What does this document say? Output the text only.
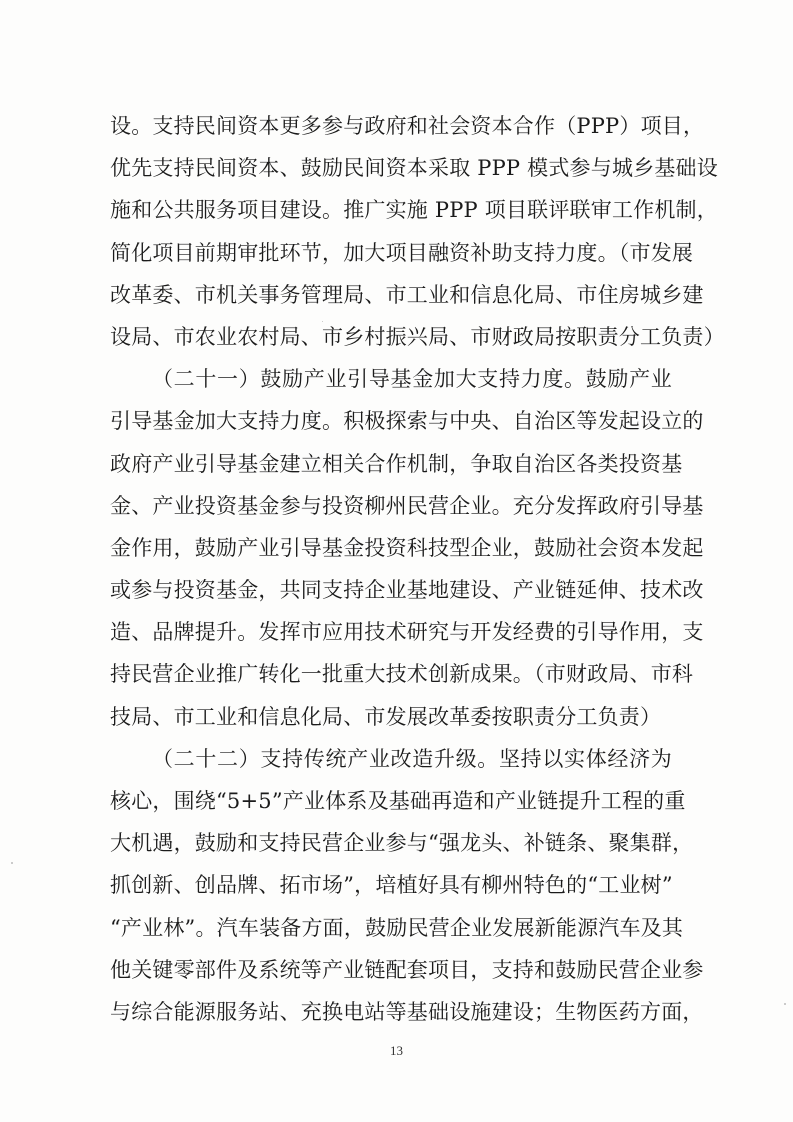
设。支持民间资本更多参与政府和社会资本合作（PPP）项目，
优先支持民间资本、鼓励民间资本采取 PPP 模式参与城乡基础设
施和公共服务项目建设。推广实施 PPP 项目联评联审工作机制，
简化项目前期审批环节，加大项目融资补助支持力度。（市发展
改革委、市机关事务管理局、市工业和信息化局、市住房城乡建
设局、市农业农村局、市乡村振兴局、市财政局按职责分工负责）
（二十一）鼓励产业引导基金加大支持力度。鼓励产业
引导基金加大支持力度。积极探索与中央、自治区等发起设立的
政府产业引导基金建立相关合作机制，争取自治区各类投资基
金、产业投资基金参与投资柳州民营企业。充分发挥政府引导基
金作用，鼓励产业引导基金投资科技型企业，鼓励社会资本发起
或参与投资基金，共同支持企业基地建设、产业链延伸、技术改
造、品牌提升。发挥市应用技术研究与开发经费的引导作用，支
持民营企业推广转化一批重大技术创新成果。（市财政局、市科
技局、市工业和信息化局、市发展改革委按职责分工负责）
（二十二）支持传统产业改造升级。坚持以实体经济为
核心，围绕“5+5”产业体系及基础再造和产业链提升工程的重
大机遇，鼓励和支持民营企业参与“强龙头、补链条、聚集群，
抓创新、创品牌、拓市场”，培植好具有柳州特色的“工业树”
“产业林”。汽车装备方面，鼓励民营企业发展新能源汽车及其
他关键零部件及系统等产业链配套项目，支持和鼓励民营企业参
与综合能源服务站、充换电站等基础设施建设；生物医药方面，
13
